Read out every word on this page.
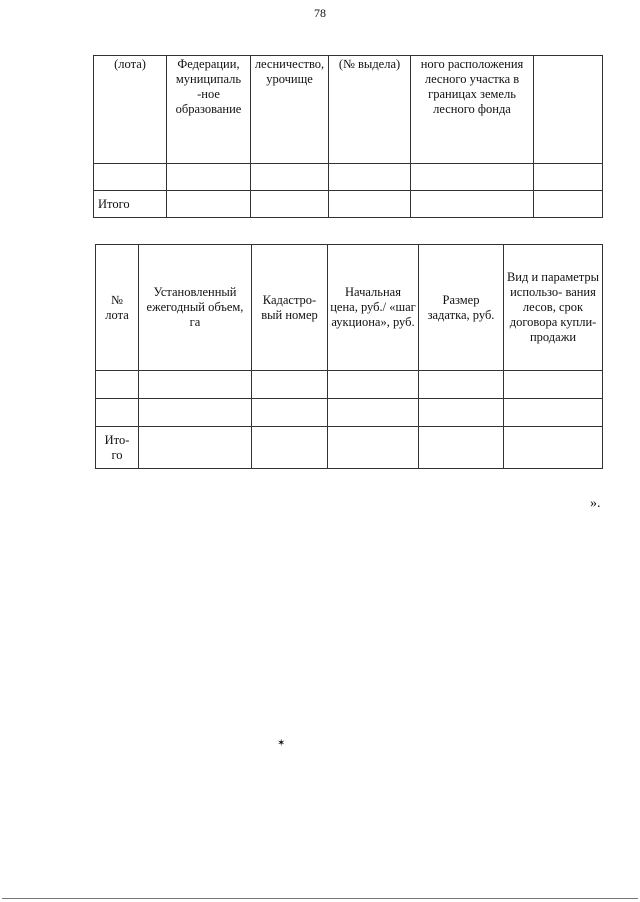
78
(лота)	Федерации, муниципаль -ное образование	лесничество, урочище	(№ выдела)	ного расположения лесного участка в границах земель лесного фонда	

Итого					
№ лота	Установленный ежегодный объем, га	Кадастро- вый номер	Начальная цена, руб./ «шаг аукциона», руб.	Размер задатка, руб.	Вид и параметры использо- вания лесов, срок договора купли- продажи

Ито- го					
».
✶
